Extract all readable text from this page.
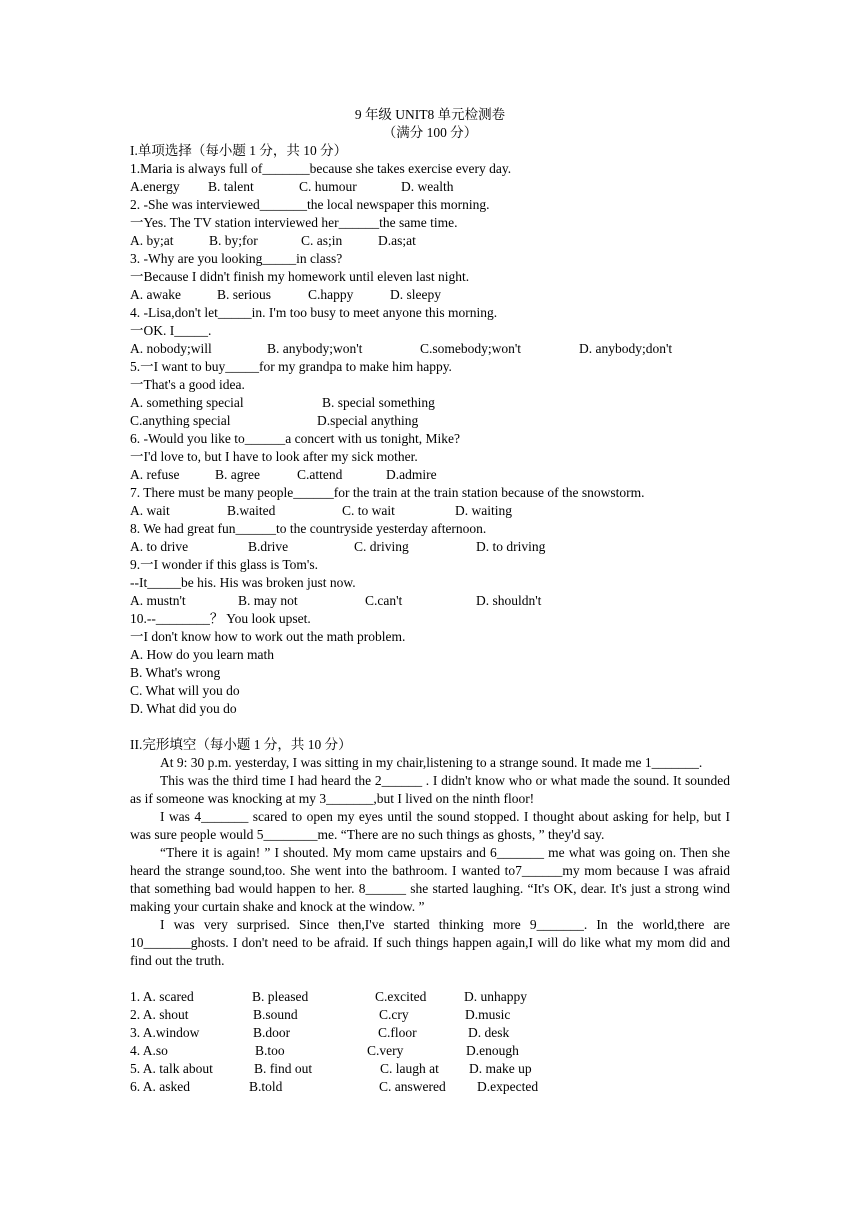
9 年级 UNIT8 单元检测卷

（满分 100 分）

I.单项选择（每小题 1 分，共 10 分）

1.Maria is always full of_______because she takes exercise every day.

A.energy	B. talent	C. humour	D. wealth

2. -She was interviewed_______the local newspaper this morning.

一Yes. The TV station interviewed her______the same time.

A. by;at	B. by;for	C. as;in	D.as;at

3. -Why are you looking_____in class?

一Because I didn't finish my homework until eleven last night.

A. awake	B. serious	C.happy	D. sleepy

4. -Lisa,don't let_____in. I'm too busy to meet anyone this morning.

一OK. I_____.

A. nobody;will	B. anybody;won't	C.somebody;won't	D. anybody;don't

5.一I want to buy_____for my grandpa to make him happy.

一That's a good idea.

A. something special	B. special something
C.anything special	D.special anything

6. -Would you like to______a concert with us tonight, Mike?

一I'd love to, but I have to look after my sick mother.

A. refuse	B. agree	C.attend	D.admire

7. There must be many people______for the train at the train station because of the snowstorm.

A. wait	B.waited	C. to wait	D. waiting

8. We had great fun______to the countryside yesterday afternoon.

A. to drive	B.drive	C. driving	D. to driving

9.一I wonder if this glass is Tom's.

--It_____be his. His was broken just now.

A. mustn't	B. may not	C.can't	D. shouldn't

10.--________？ You look upset.

一I don't know how to work out the math problem.

A. How do you learn math

B. What's wrong

C. What will you do

D. What did you do

II.完形填空（每小题 1 分，共 10 分）

At 9: 30 p.m. yesterday, I was sitting in my chair,listening to a strange sound. It made me 1_______.

This was the third time I had heard the 2______ . I didn't know who or what made the sound. It sounded as if someone was knocking at my 3_______,but I lived on the ninth floor!

I was 4_______ scared to open my eyes until the sound stopped. I thought about asking for help, but I was sure people would 5________me. “There are no such things as ghosts, ” they'd say.

“There it is again! ” I shouted. My mom came upstairs and 6_______ me what was going on. Then she heard the strange sound,too. She went into the bathroom. I wanted to7______my mom because I was afraid that something bad would happen to her. 8______ she started laughing. “It's OK, dear. It's just a strong wind making your curtain shake and knock at the window. ”

I was very surprised. Since then,I've started thinking more 9_______. In the world,there are 10_______ghosts. I don't need to be afraid. If such things happen again,I will do like what my mom did and find out the truth.

1. A. scared	B. pleased	C.excited	D. unhappy
2. A. shout	B.sound	C.cry	D.music
3. A.window	B.door	C.floor	D. desk
4. A.so	B.too	C.very	D.enough
5. A. talk about	B. find out	C. laugh at	D. make up
6. A. asked	B.told	C. answered	D.expected
